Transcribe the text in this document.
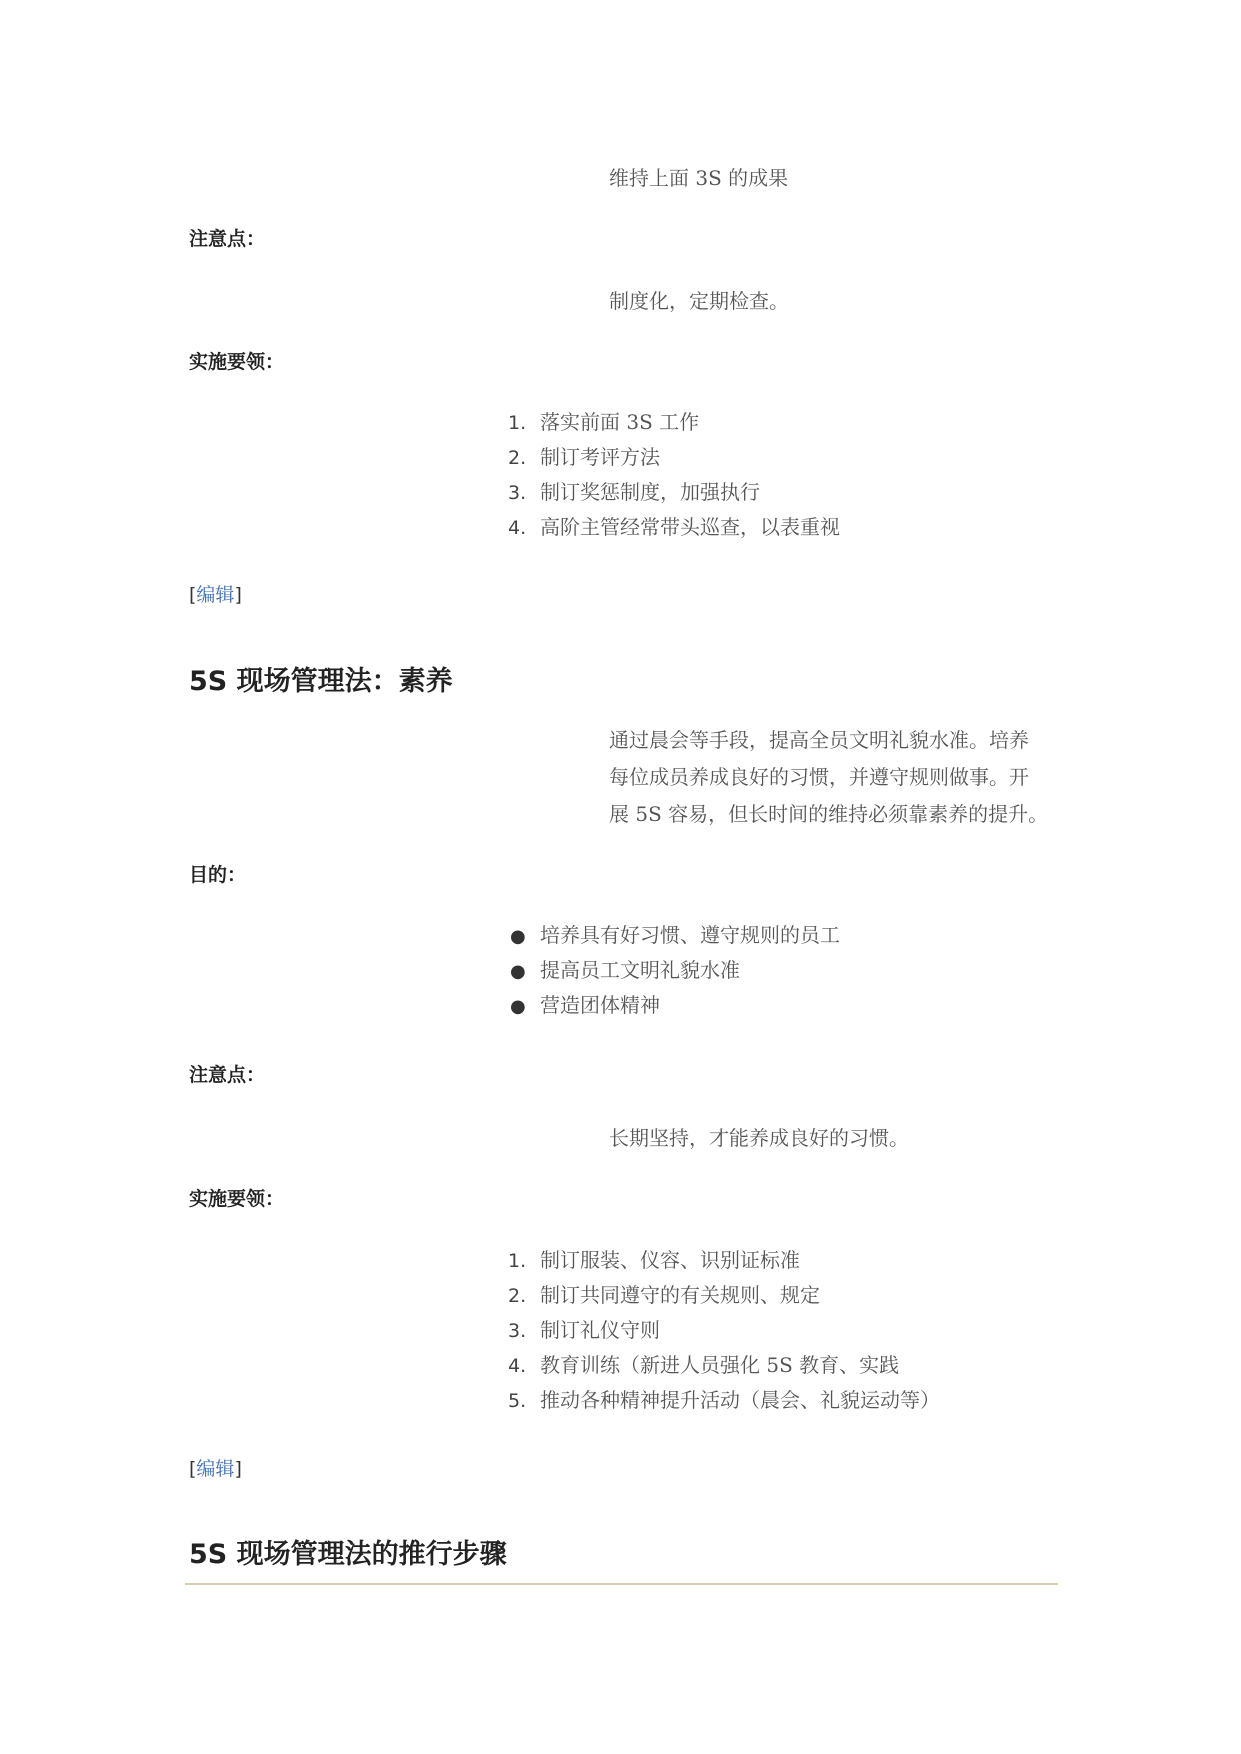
维持上面 3S 的成果
注意点：
制度化，定期检查。
实施要领：
1. 落实前面 3S 工作
2. 制订考评方法
3. 制订奖惩制度，加强执行
4. 高阶主管经常带头巡查，以表重视
[编辑]
5S 现场管理法：素养
通过晨会等手段，提高全员文明礼貌水准。培养
每位成员养成良好的习惯，并遵守规则做事。开
展 5S 容易，但长时间的维持必须靠素养的提升。
目的：
● 培养具有好习惯、遵守规则的员工
● 提高员工文明礼貌水准
● 营造团体精神
注意点：
长期坚持，才能养成良好的习惯。
实施要领：
1. 制订服装、仪容、识别证标准
2. 制订共同遵守的有关规则、规定
3. 制订礼仪守则
4. 教育训练（新进人员强化 5S 教育、实践
5. 推动各种精神提升活动（晨会、礼貌运动等）
[编辑]
5S 现场管理法的推行步骤
